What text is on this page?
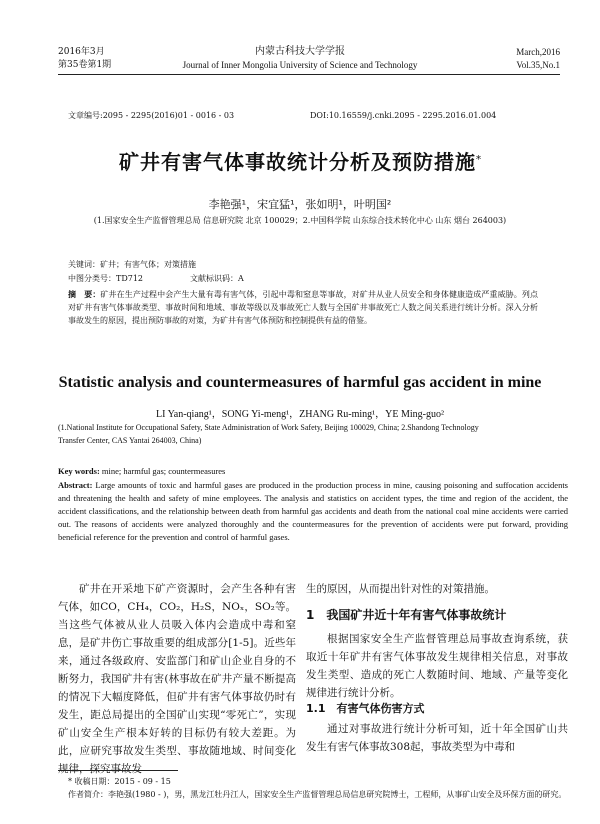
2016年3月
第35卷第1期
内蒙古科技大学学报
Journal of Inner Mongolia University of Science and Technology
March,2016
Vol.35,No.1
文章编号:2095 - 2295(2016)01 - 0016 - 03	DOI:10.16559/j.cnki.2095 - 2295.2016.01.004
矿井有害气体事故统计分析及预防措施*
李艳强¹，宋宜猛¹，张如明¹，叶明国²
(1.国家安全生产监督管理总局 信息研究院 北京 100029；2.中国科学院 山东综合技术转化中心 山东 烟台 264003)
关键词：矿井；有害气体；对策措施
中图分类号：TD712	文献标识码：A
摘　要：矿井在生产过程中会产生大量有毒有害气体，引起中毒和窒息等事故，对矿井从业人员安全和身体健康造成严重威胁。列点对矿井有害气体事故类型、事故时间和地域、事故等级以及事故死亡人数与全国矿井事故死亡人数之间关系进行统计分析。深入分析事故发生的原因，提出预防事故的对策，为矿井有害气体预防和控制提供有益的借鉴。
Statistic analysis and countermeasures of harmful gas accident in mine
LI Yan-qiang¹，SONG Yi-meng¹，ZHANG Ru-ming¹，YE Ming-guo²
(1.National Institute for Occupational Safety, State Administration of Work Safety, Beijing 100029, China; 2.Shandong Technology
Transfer Center, CAS Yantai 264003, China)
Key words: mine; harmful gas; countermeasures
Abstract: Large amounts of toxic and harmful gases are produced in the production process in mine, causing poisoning and suffocation accidents and threatening the health and safety of mine employees. The analysis and statistics on accident types, the time and region of the accident, the accident classifications, and the relationship between death from harmful gas accidents and death from the national coal mine accidents were carried out. The reasons of accidents were analyzed thoroughly and the countermeasures for the prevention of accidents were put forward, providing beneficial reference for the prevention and control of harmful gases.
矿井在开采地下矿产资源时，会产生各种有害气体，如CO，CH₄，CO₂，H₂S，NOₓ，SO₂等。当这些气体被从业人员吸入体内会造成中毒和窒息，是矿井伤亡事故重要的组成部分[1-5]。近些年来，通过各级政府、安监部门和矿山企业自身的不断努力，我国矿井有害(林事故在矿井产量不断提高的情况下大幅度降低，但矿井有害气体事故仍时有发生，距总局提出的全国矿山实现“零死亡”，实现矿山安全生产根本好转的目标仍有较大差距。为此，应研究事故发生类型、事故随地域、时间变化规律，探究事故发
生的原因，从而提出针对性的对策措施。
1　我国矿井近十年有害气体事故统计
根据国家安全生产监督管理总局事故查询系统，获取近十年矿井有害气体事故发生规律相关信息，对事故发生类型、造成的死亡人数随时间、地域、产量等变化规律进行统计分析。
1.1　有害气体伤害方式
通过对事故进行统计分析可知，近十年全国矿山共发生有害气体事故308起，事故类型为中毒和
* 收稿日期：2015 - 09 - 15
作者简介：李艳强(1980 - )，男，黑龙江牡丹江人，国家安全生产监督管理总局信息研究院博士，工程师，从事矿山安全及环保方面的研究。
